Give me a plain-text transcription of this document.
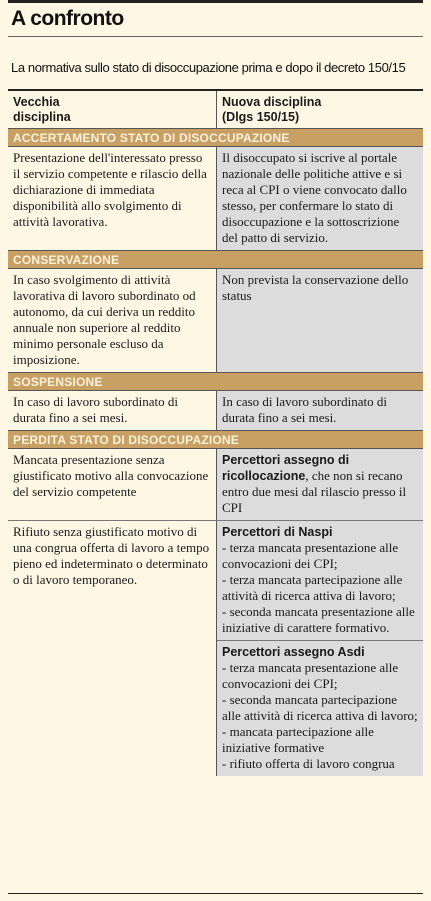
A confronto
La normativa sullo stato di disoccupazione prima e dopo il decreto 150/15
Vecchia
disciplina
Nuova disciplina
(Dlgs 150/15)
ACCERTAMENTO STATO DI DISOCCUPAZIONE
Presentazione dell'interessato presso il servizio competente e rilascio della dichiarazione di immediata disponibilità allo svolgimento di attività lavorativa.
Il disoccupato si iscrive al portale nazionale delle politiche attive e si reca al CPI o viene convocato dallo stesso, per confermare lo stato di disoccupazione e la sottoscrizione del patto di servizio.
CONSERVAZIONE
In caso svolgimento di attività lavorativa di lavoro subordinato od autonomo, da cui deriva un reddito annuale non superiore al reddito minimo personale escluso da imposizione.
Non prevista la conservazione dello status
SOSPENSIONE
In caso di lavoro subordinato di durata fino a sei mesi.
In caso di lavoro subordinato di durata fino a sei mesi.
PERDITA STATO DI DISOCCUPAZIONE
Mancata presentazione senza giustificato motivo alla convocazione del servizio competente
Percettori assegno di ricollocazione, che non si recano entro due mesi dal rilascio presso il CPI
Rifiuto senza giustificato motivo di una congrua offerta di lavoro a tempo pieno ed indeterminato o determinato o di lavoro temporaneo.
Percettori di Naspi
- terza mancata presentazione alle convocazioni dei CPI;
- terza mancata partecipazione alle attività di ricerca attiva di lavoro;
- seconda mancata presentazione alle iniziative di carattere formativo.
Percettori assegno Asdi
- terza mancata presentazione alle convocazioni dei CPI;
- seconda mancata partecipazione alle attività di ricerca attiva di lavoro;
- mancata partecipazione alle iniziative formative
- rifiuto offerta di lavoro congrua
